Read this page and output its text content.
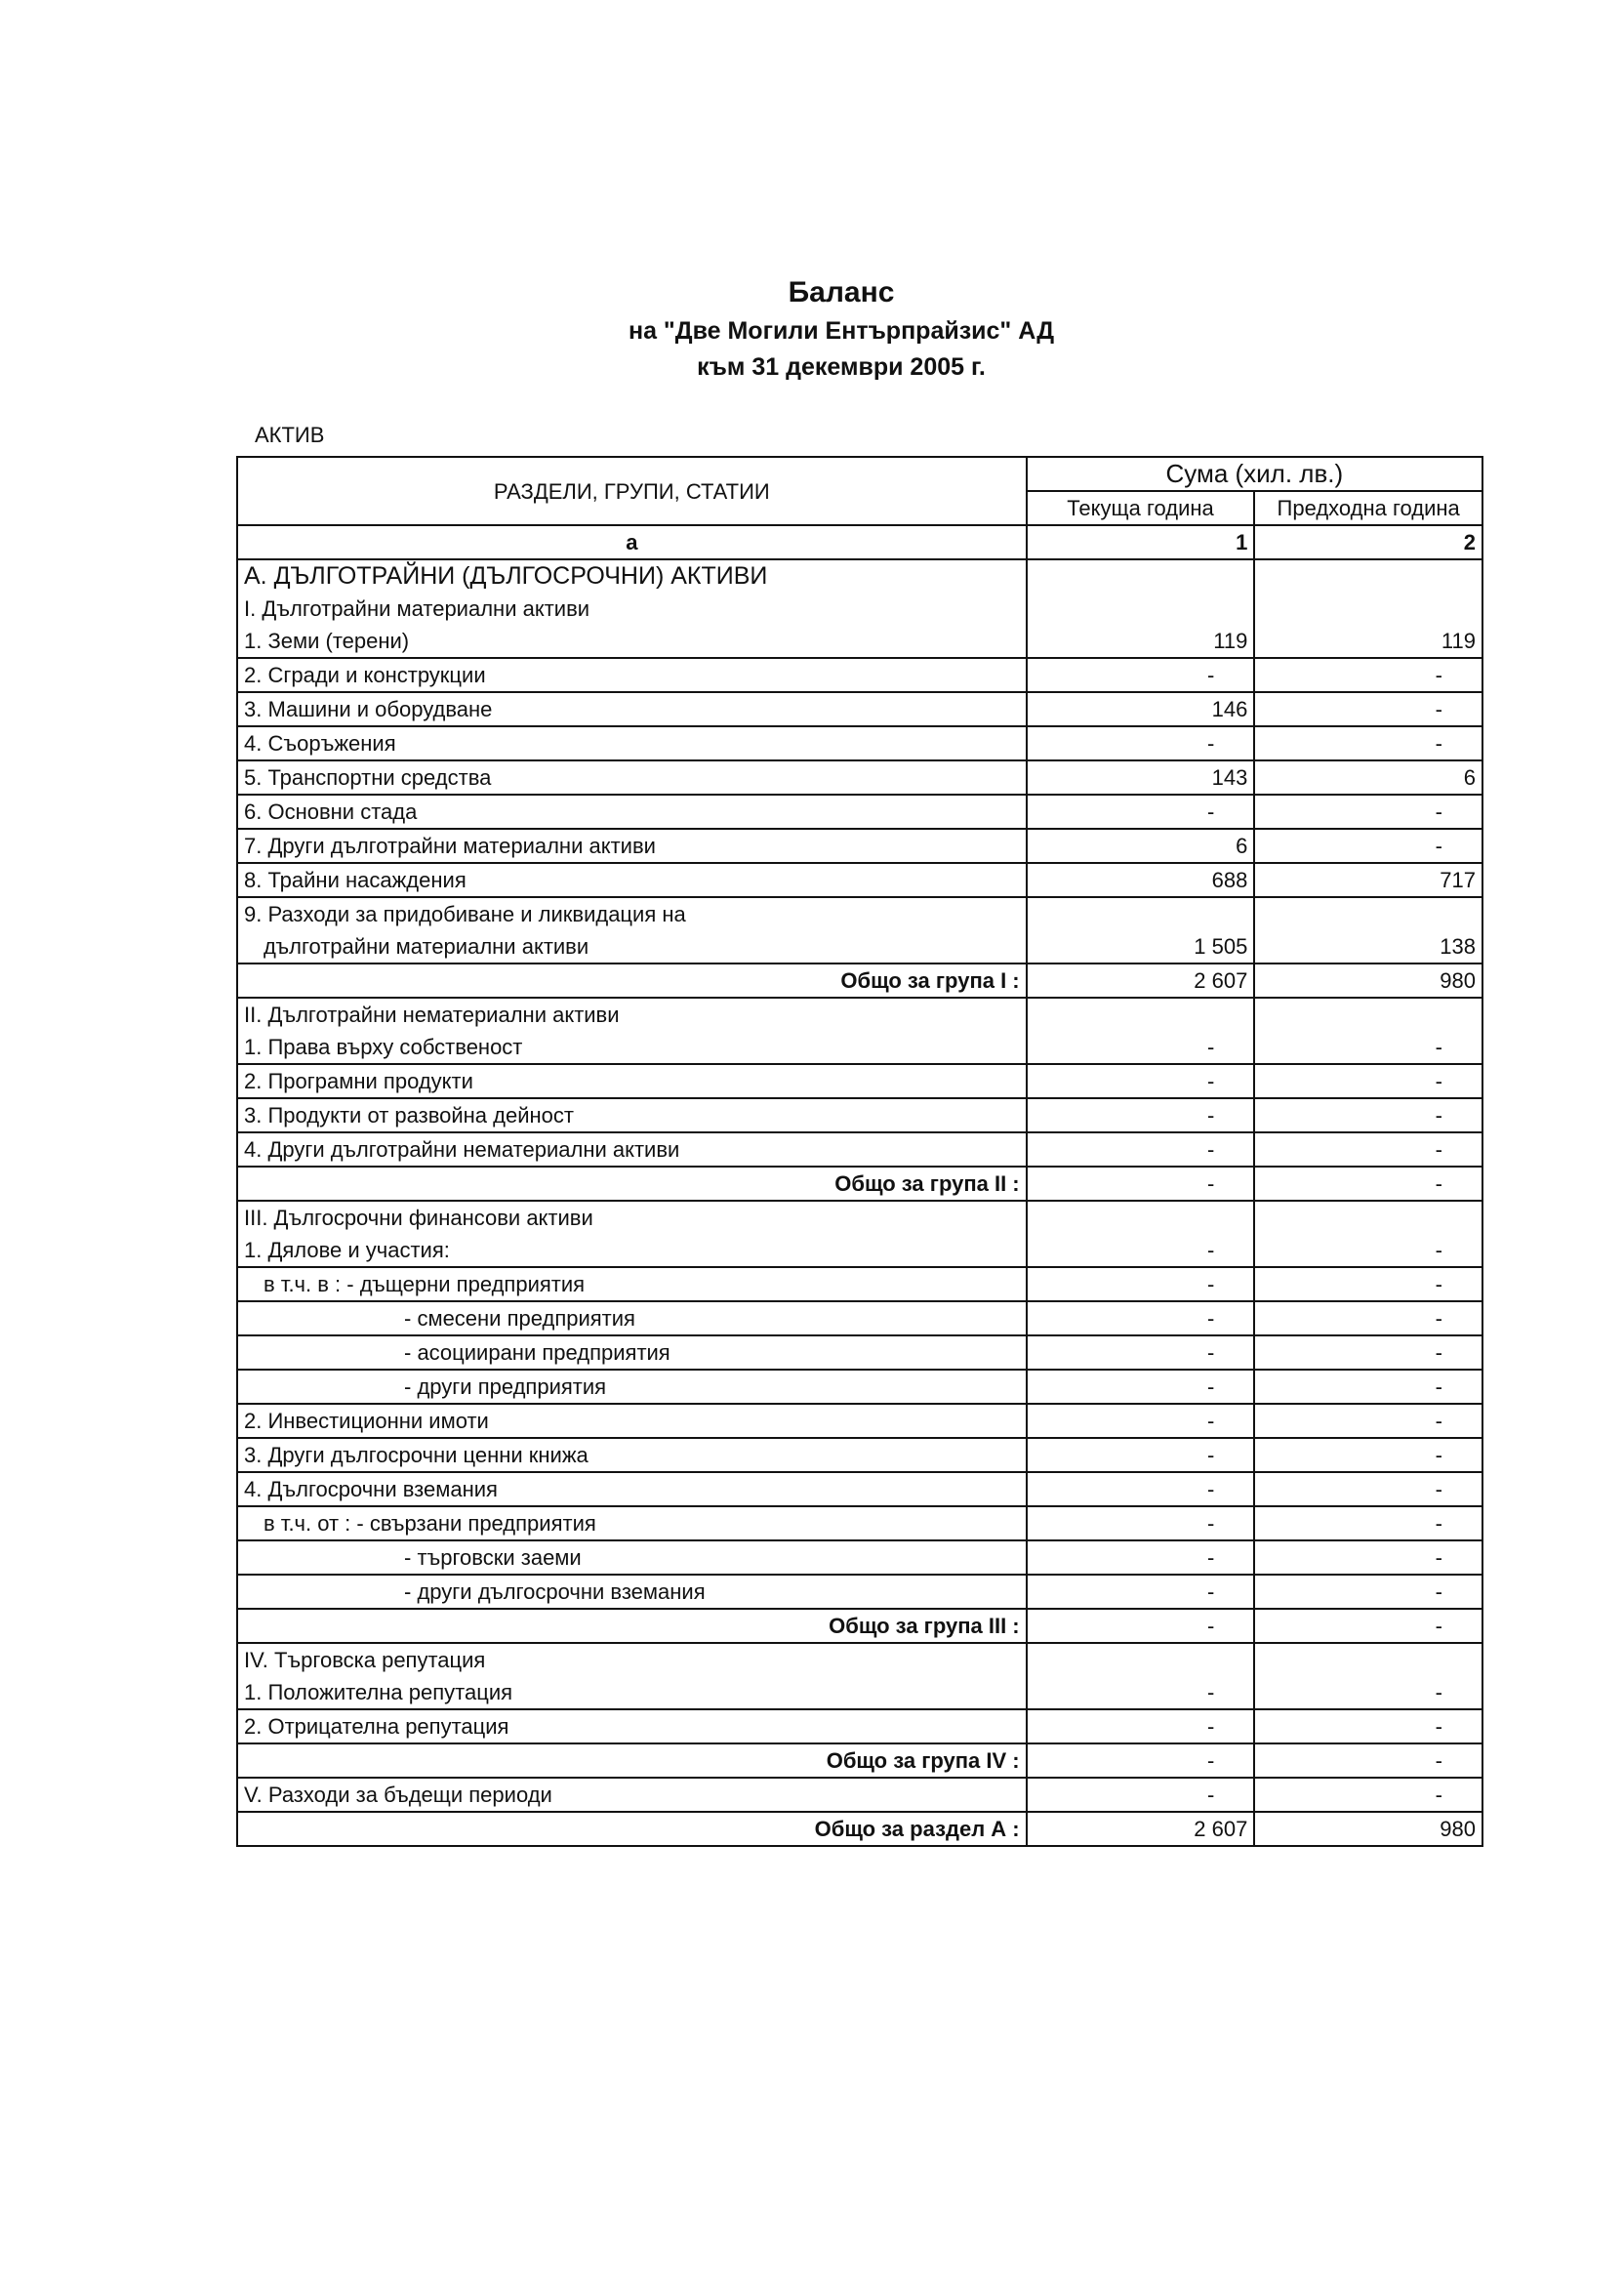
Баланс
на "Две Могили Ентърпрайзис" АД
към 31 декември 2005 г.
АКТИВ
РАЗДЕЛИ, ГРУПИ, СТАТИИ	Сума (хил. лв.)	
	Текуща година	Предходна година
а	1	2

А. ДЪЛГОТРАЙНИ (ДЪЛГОСРОЧНИ) АКТИВИ
І. Дълготрайни материални активи
1. Земи (терени)	119	119

2. Сгради и конструкции	-	-

3. Машини и оборудване	146	-

4. Съоръжения	-	-

5. Транспортни средства	143	6

6. Основни стада	-	-

7. Други дълготрайни материални активи	6	-

8. Трайни насаждения	688	717

9. Разходи за придобиване и ликвидация на
дълготрайни материални активи	1 505	138
Общо за група І :	2 607	980

ІІ. Дълготрайни нематериални активи
1. Права върху собственост	-	-

2. Програмни продукти	-	-

3. Продукти от развойна дейност	-	-

4. Други дълготрайни нематериални активи	-	-
Общо за група ІІ :	-	-

ІІІ. Дългосрочни финансови активи
1. Дялове и участия:	-	-

в т.ч. в : - дъщерни предприятия	-	-

- смесени предприятия	-	-

- асоциирани предприятия	-	-

- други предприятия	-	-

2. Инвестиционни имоти	-	-

3. Други дългосрочни ценни книжа	-	-

4. Дългосрочни вземания	-	-

в т.ч. от : - свързани предприятия	-	-

- търговски заеми	-	-

- други дългосрочни вземания	-	-
Общо за група ІІІ :	-	-

ІV. Търговска репутация
1. Положителна репутация	-	-

2. Отрицателна репутация	-	-
Общо за група ІV :	-	-

V. Разходи за бъдещи периоди	-	-
Общо за раздел А :	2 607	980
